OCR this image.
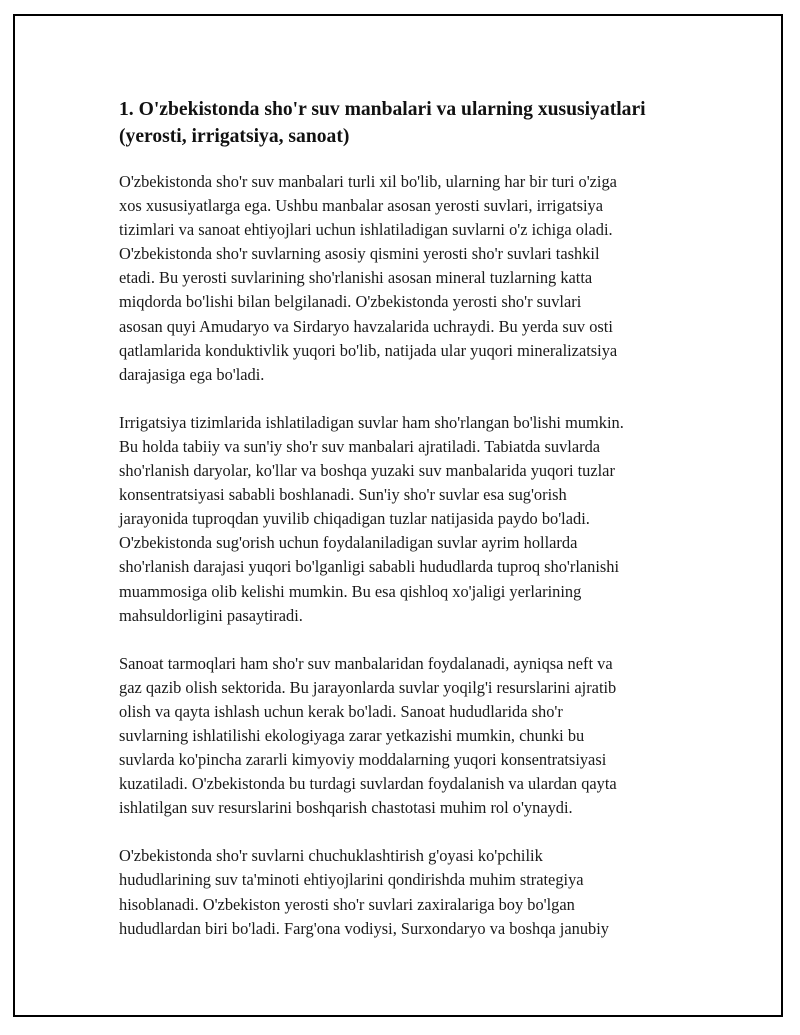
1. O'zbekistonda sho'r suv manbalari va ularning xususiyatlari
(yerosti, irrigatsiya, sanoat)

O'zbekistonda sho'r suv manbalari turli xil bo'lib, ularning har bir turi o'ziga
xos xususiyatlarga ega. Ushbu manbalar asosan yerosti suvlari, irrigatsiya
tizimlari va sanoat ehtiyojlari uchun ishlatiladigan suvlarni o'z ichiga oladi.
O'zbekistonda sho'r suvlarning asosiy qismini yerosti sho'r suvlari tashkil
etadi. Bu yerosti suvlarining sho'rlanishi asosan mineral tuzlarning katta
miqdorda bo'lishi bilan belgilanadi. O'zbekistonda yerosti sho'r suvlari
asosan quyi Amudaryo va Sirdaryo havzalarida uchraydi. Bu yerda suv osti
qatlamlarida konduktivlik yuqori bo'lib, natijada ular yuqori mineralizatsiya
darajasiga ega bo'ladi.

Irrigatsiya tizimlarida ishlatiladigan suvlar ham sho'rlangan bo'lishi mumkin.
Bu holda tabiiy va sun'iy sho'r suv manbalari ajratiladi. Tabiatda suvlarda
sho'rlanish daryolar, ko'llar va boshqa yuzaki suv manbalarida yuqori tuzlar
konsentratsiyasi sababli boshlanadi. Sun'iy sho'r suvlar esa sug'orish
jarayonida tuproqdan yuvilib chiqadigan tuzlar natijasida paydo bo'ladi.
O'zbekistonda sug'orish uchun foydalaniladigan suvlar ayrim hollarda
sho'rlanish darajasi yuqori bo'lganligi sababli hududlarda tuproq sho'rlanishi
muammosiga olib kelishi mumkin. Bu esa qishloq xo'jaligi yerlarining
mahsuldorligini pasaytiradi.

Sanoat tarmoqlari ham sho'r suv manbalaridan foydalanadi, ayniqsa neft va
gaz qazib olish sektorida. Bu jarayonlarda suvlar yoqilg'i resurslarini ajratib
olish va qayta ishlash uchun kerak bo'ladi. Sanoat hududlarida sho'r
suvlarning ishlatilishi ekologiyaga zarar yetkazishi mumkin, chunki bu
suvlarda ko'pincha zararli kimyoviy moddalarning yuqori konsentratsiyasi
kuzatiladi. O'zbekistonda bu turdagi suvlardan foydalanish va ulardan qayta
ishlatilgan suv resurslarini boshqarish chastotasi muhim rol o'ynaydi.

O'zbekistonda sho'r suvlarni chuchuklashtirish g'oyasi ko'pchilik
hududlarining suv ta'minoti ehtiyojlarini qondirishda muhim strategiya
hisoblanadi. O'zbekiston yerosti sho'r suvlari zaxiralariga boy bo'lgan
hududlardan biri bo'ladi. Farg'ona vodiysi, Surxondaryo va boshqa janubiy
